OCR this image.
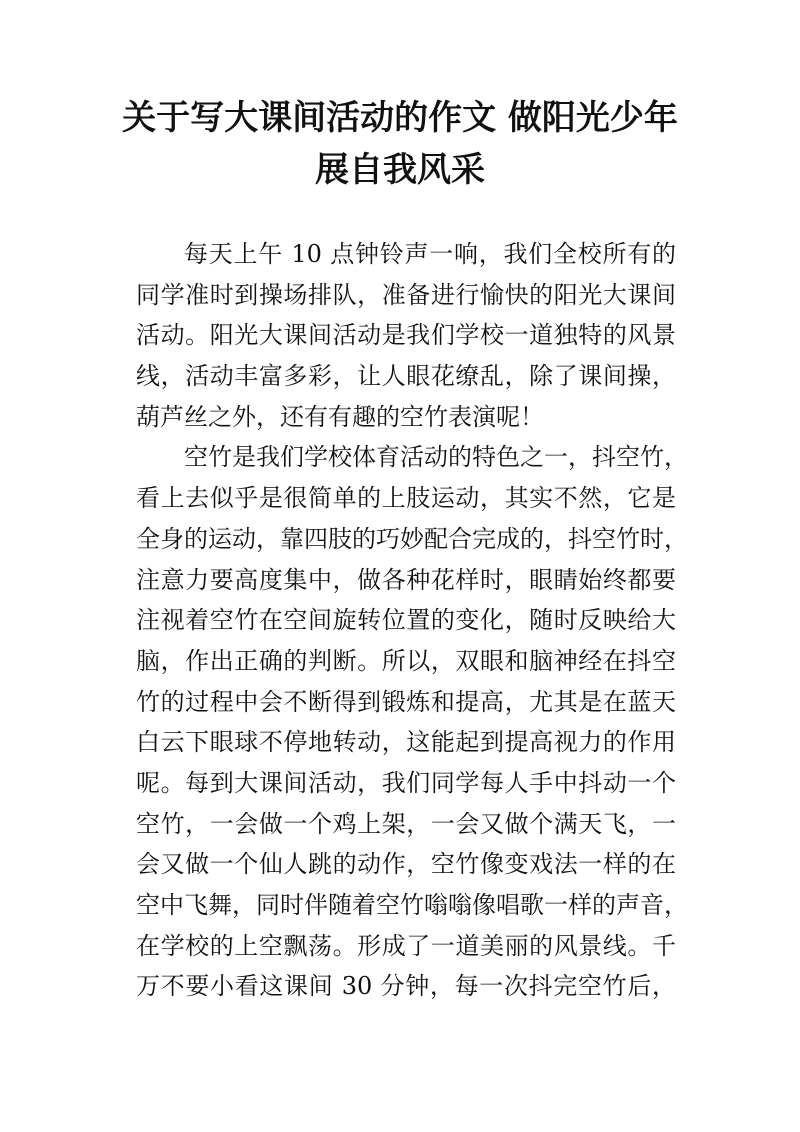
关于写大课间活动的作文 做阳光少年
展自我风采

每天上午 10 点钟铃声一响，我们全校所有的
同学准时到操场排队，准备进行愉快的阳光大课间
活动。阳光大课间活动是我们学校一道独特的风景
线，活动丰富多彩，让人眼花缭乱，除了课间操，
葫芦丝之外，还有有趣的空竹表演呢！

空竹是我们学校体育活动的特色之一，抖空竹，
看上去似乎是很简单的上肢运动，其实不然，它是
全身的运动，靠四肢的巧妙配合完成的，抖空竹时，
注意力要高度集中，做各种花样时，眼睛始终都要
注视着空竹在空间旋转位置的变化，随时反映给大
脑，作出正确的判断。所以，双眼和脑神经在抖空
竹的过程中会不断得到锻炼和提高，尤其是在蓝天
白云下眼球不停地转动，这能起到提高视力的作用
呢。每到大课间活动，我们同学每人手中抖动一个
空竹，一会做一个鸡上架，一会又做个满天飞，一
会又做一个仙人跳的动作，空竹像变戏法一样的在
空中飞舞，同时伴随着空竹嗡嗡像唱歌一样的声音，
在学校的上空飘荡。形成了一道美丽的风景线。千
万不要小看这课间 30 分钟，每一次抖完空竹后，
